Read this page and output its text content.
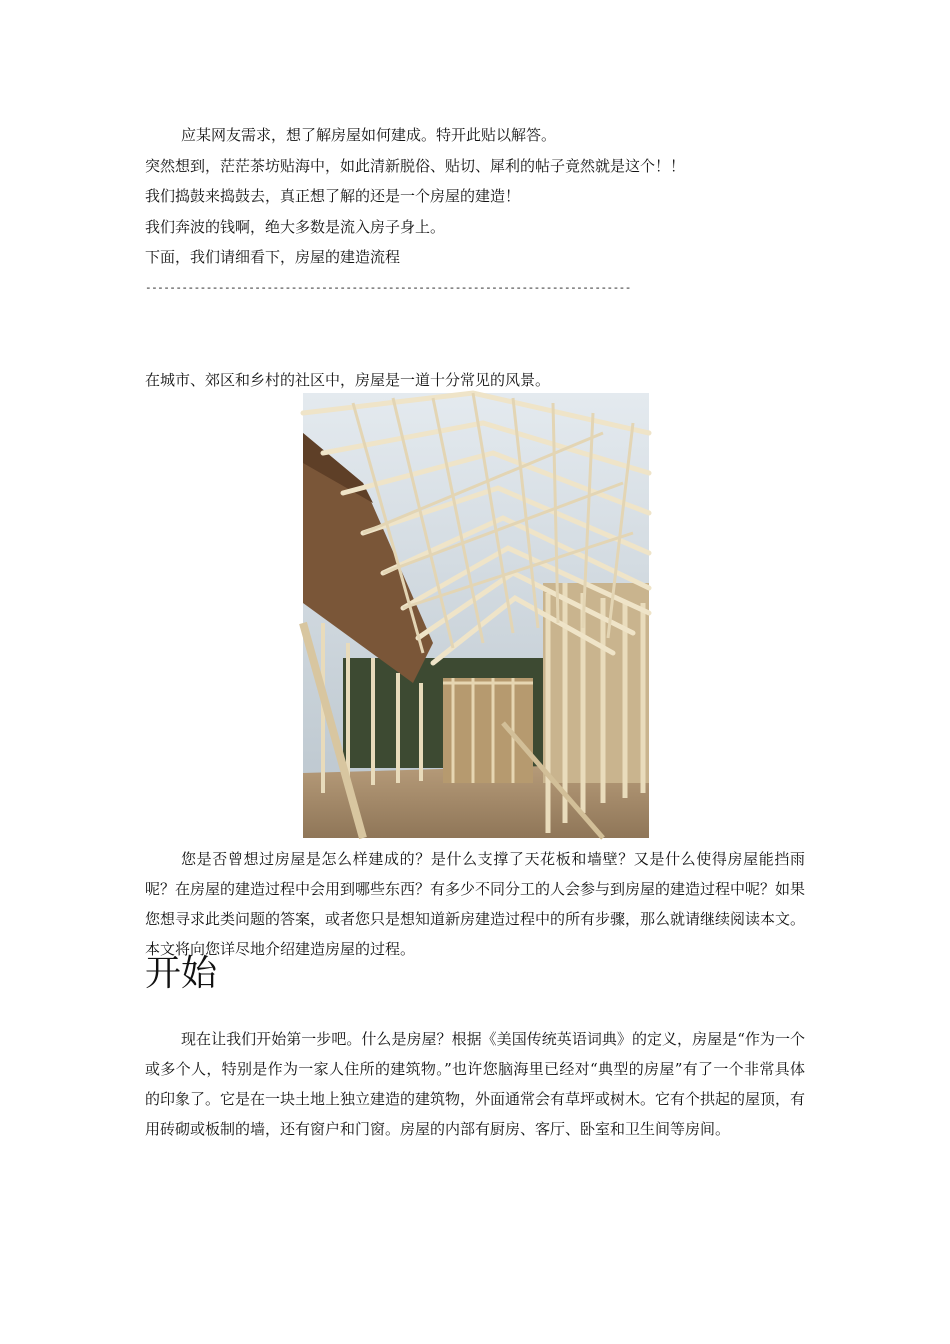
应某网友需求，想了解房屋如何建成。特开此贴以解答。

突然想到，茫茫茶坊贴海中，如此清新脱俗、贴切、犀利的帖子竟然就是这个！！

我们捣鼓来捣鼓去，真正想了解的还是一个房屋的建造！

我们奔波的钱啊，绝大多数是流入房子身上。

下面，我们请细看下，房屋的建造流程

--------------------------------------------------------------------------------

在城市、郊区和乡村的社区中，房屋是一道十分常见的风景。

您是否曾想过房屋是怎么样建成的？是什么支撑了天花板和墙壁？又是什么使得房屋能挡雨呢？在房屋的建造过程中会用到哪些东西？有多少不同分工的人会参与到房屋的建造过程中呢？如果您想寻求此类问题的答案，或者您只是想知道新房建造过程中的所有步骤，那么就请继续阅读本文。本文将向您详尽地介绍建造房屋的过程。

开始

现在让我们开始第一步吧。什么是房屋？根据《美国传统英语词典》的定义，房屋是“作为一个或多个人，特别是作为一家人住所的建筑物。”也许您脑海里已经对“典型的房屋”有了一个非常具体的印象了。它是在一块土地上独立建造的建筑物，外面通常会有草坪或树木。它有个拱起的屋顶，有用砖砌或板制的墙，还有窗户和门窗。房屋的内部有厨房、客厅、卧室和卫生间等房间。
